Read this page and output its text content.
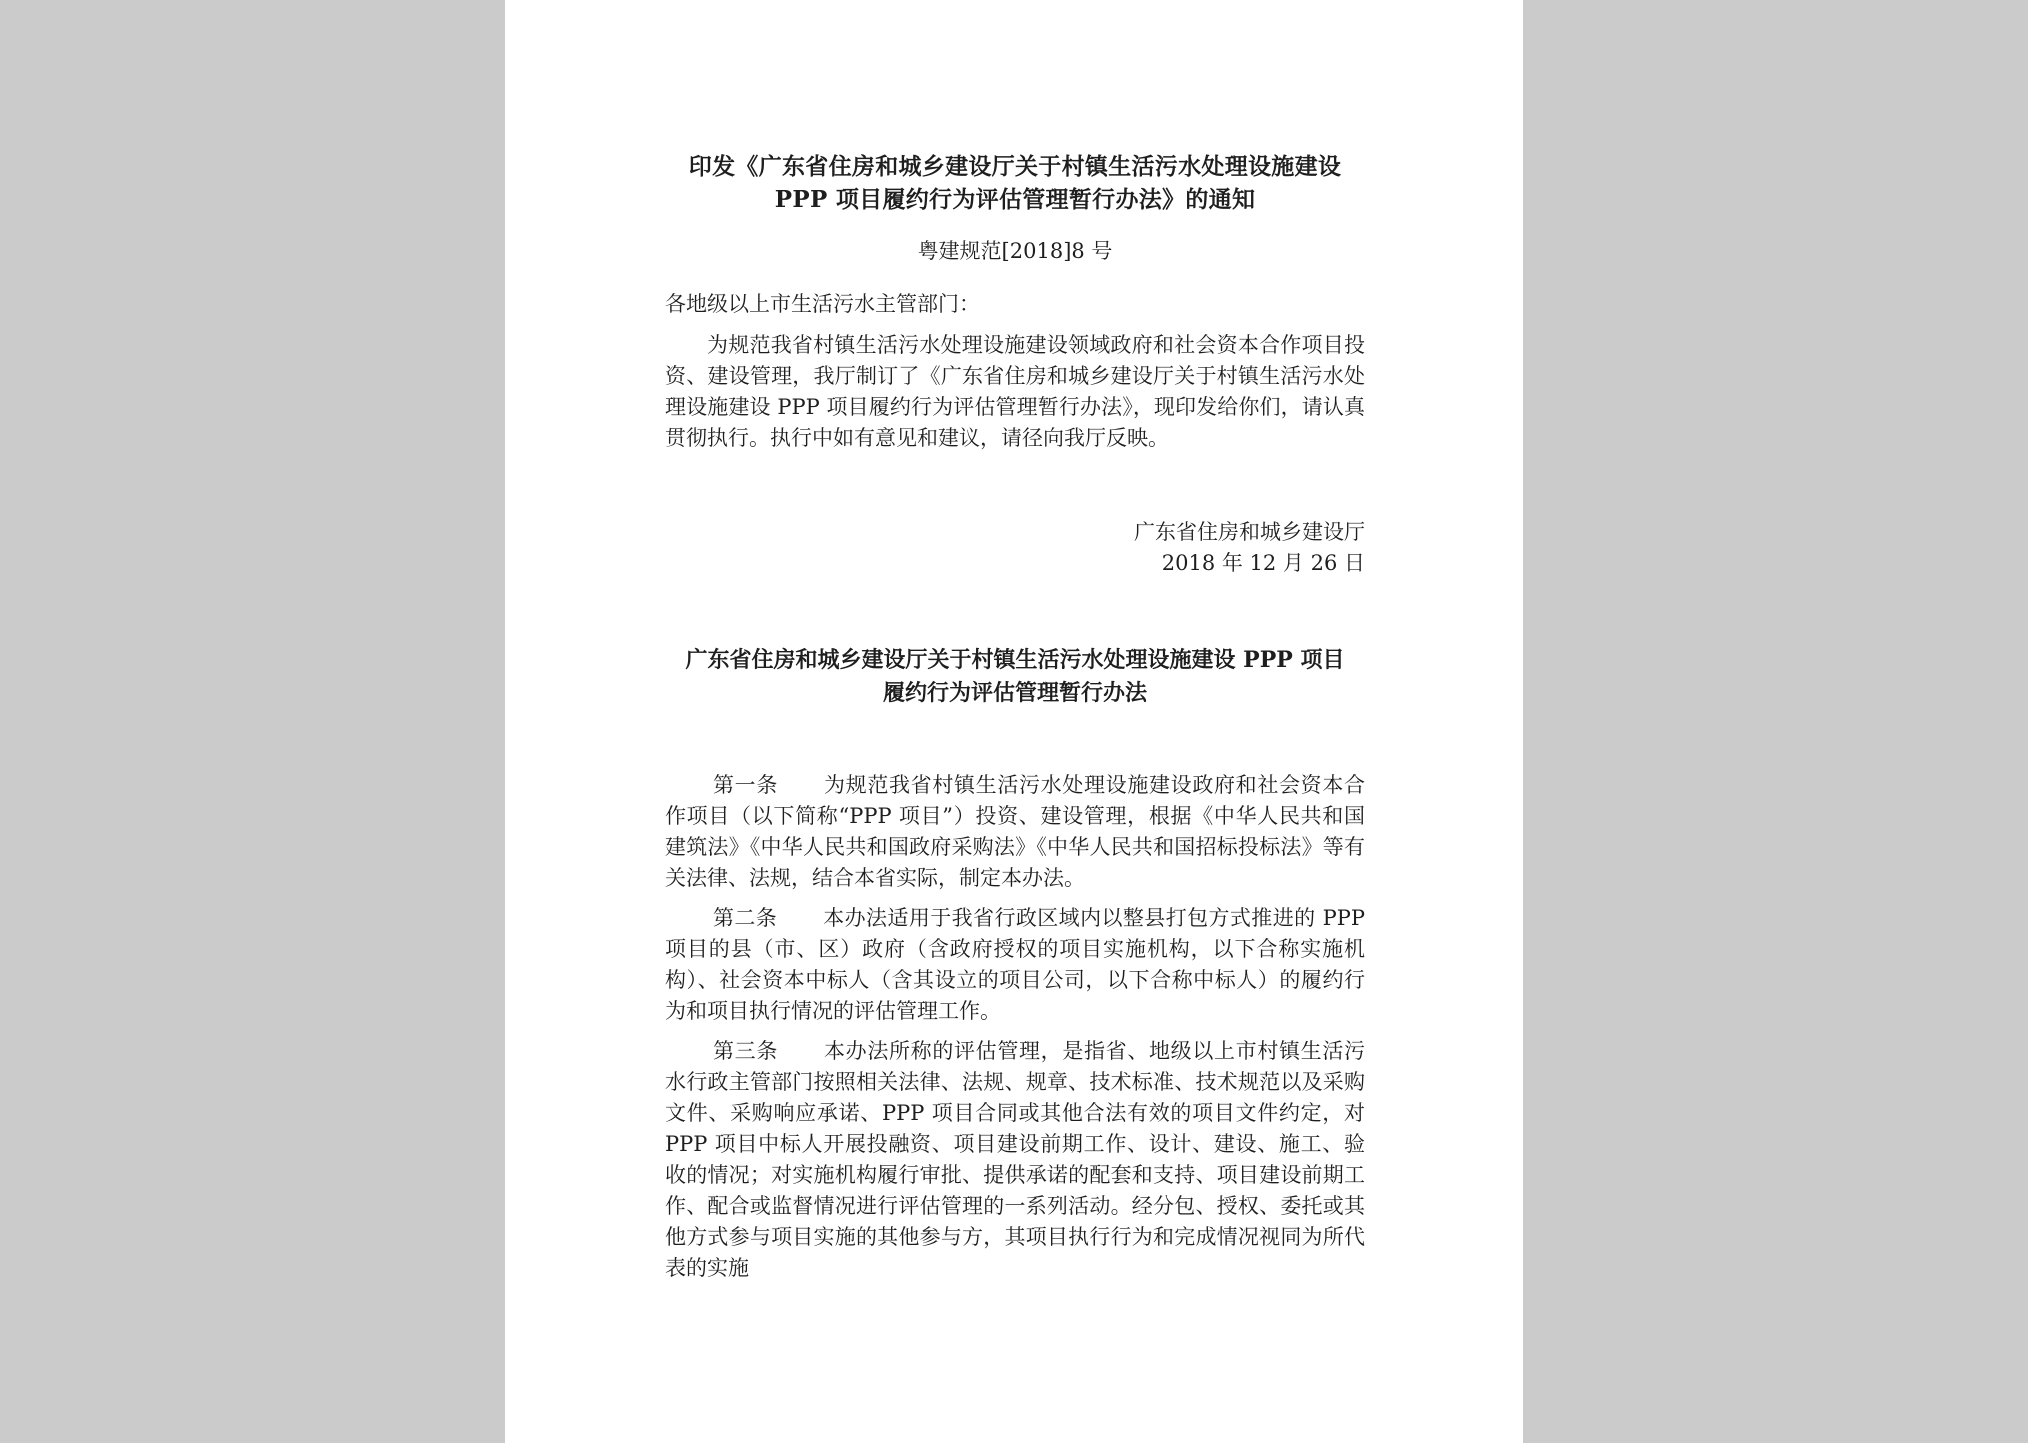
印发《广东省住房和城乡建设厅关于村镇生活污水处理设施建设
PPP 项目履约行为评估管理暂行办法》的通知
粤建规范[2018]8 号
各地级以上市生活污水主管部门：

为规范我省村镇生活污水处理设施建设领域政府和社会资本合作项目投资、建设管理，我厅制订了《广东省住房和城乡建设厅关于村镇生活污水处理设施建设 PPP 项目履约行为评估管理暂行办法》，现印发给你们，请认真贯彻执行。执行中如有意见和建议，请径向我厅反映。

广东省住房和城乡建设厅
2018 年 12 月 26 日
广东省住房和城乡建设厅关于村镇生活污水处理设施建设 PPP 项目
履约行为评估管理暂行办法

第一条 为规范我省村镇生活污水处理设施建设政府和社会资本合作项目（以下简称“PPP 项目”）投资、建设管理，根据《中华人民共和国建筑法》《中华人民共和国政府采购法》《中华人民共和国招标投标法》等有关法律、法规，结合本省实际，制定本办法。

第二条 本办法适用于我省行政区域内以整县打包方式推进的 PPP 项目的县（市、区）政府（含政府授权的项目实施机构，以下合称实施机构）、社会资本中标人（含其设立的项目公司，以下合称中标人）的履约行为和项目执行情况的评估管理工作。

第三条 本办法所称的评估管理，是指省、地级以上市村镇生活污水行政主管部门按照相关法律、法规、规章、技术标准、技术规范以及采购文件、采购响应承诺、PPP 项目合同或其他合法有效的项目文件约定，对 PPP 项目中标人开展投融资、项目建设前期工作、设计、建设、施工、验收的情况；对实施机构履行审批、提供承诺的配套和支持、项目建设前期工作、配合或监督情况进行评估管理的一系列活动。经分包、授权、委托或其他方式参与项目实施的其他参与方，其项目执行行为和完成情况视同为所代表的实施
